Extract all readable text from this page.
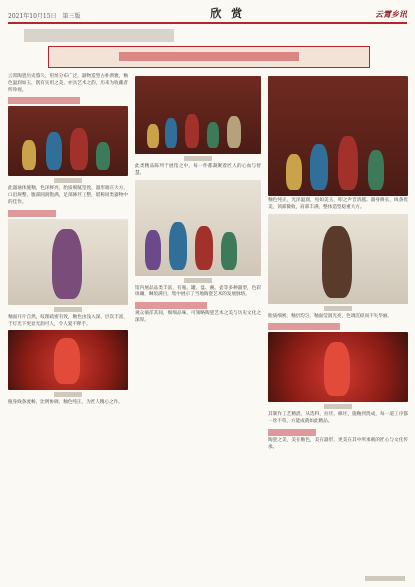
2021年10月15日　第三版	欣 赏	云霄乡讯

云霄陶瓷历史悠久，窑址分布广泛，器物造型古朴典雅，釉色温润如玉，既有实用之美，亦具艺术之韵，历来为收藏者所珍视。

此器通体施釉，色泽鲜亮，胎质细腻坚致，器形端庄大方，口沿规整，腹部圆润饱满，足部修坯工整，堪称同类器物中的佳作。

釉面开片自然，纹理疏密有致，釉色由浅入深，层次丰富，于灯光下更显光润可人，令人爱不释手。

瓶身线条流畅，比例协调，釉色纯正，为匠人精心之作。

此类精品陈列于展馆之中，每一件都凝聚着匠人的心血与智慧。

馆内展品品类丰富，有瓶、罐、盘、碗、壶等多种器型，色彩斑斓，琳琅满目，集中展示了当地陶瓷艺术的发展脉络。

观众徜徉其间，细细品味，可领略陶瓷艺术之美与历史文化之深厚。

釉色纯正，光泽温润，宛如美玉，叩之声音清越。器身修长，线条优美，颈部微收，肩部丰满，整体造型稳重大方。

胎质细密，釉层均匀，釉面莹润光亮，色调沉稳而不失华丽。

其制作工艺精湛，从选料、拉坯、修坯、施釉到烧成，每一道工序都一丝不苟，方能成就如此精品。

陶瓷之美，美在釉色，美在器形，更美在其中所承载的匠心与文化传承。
